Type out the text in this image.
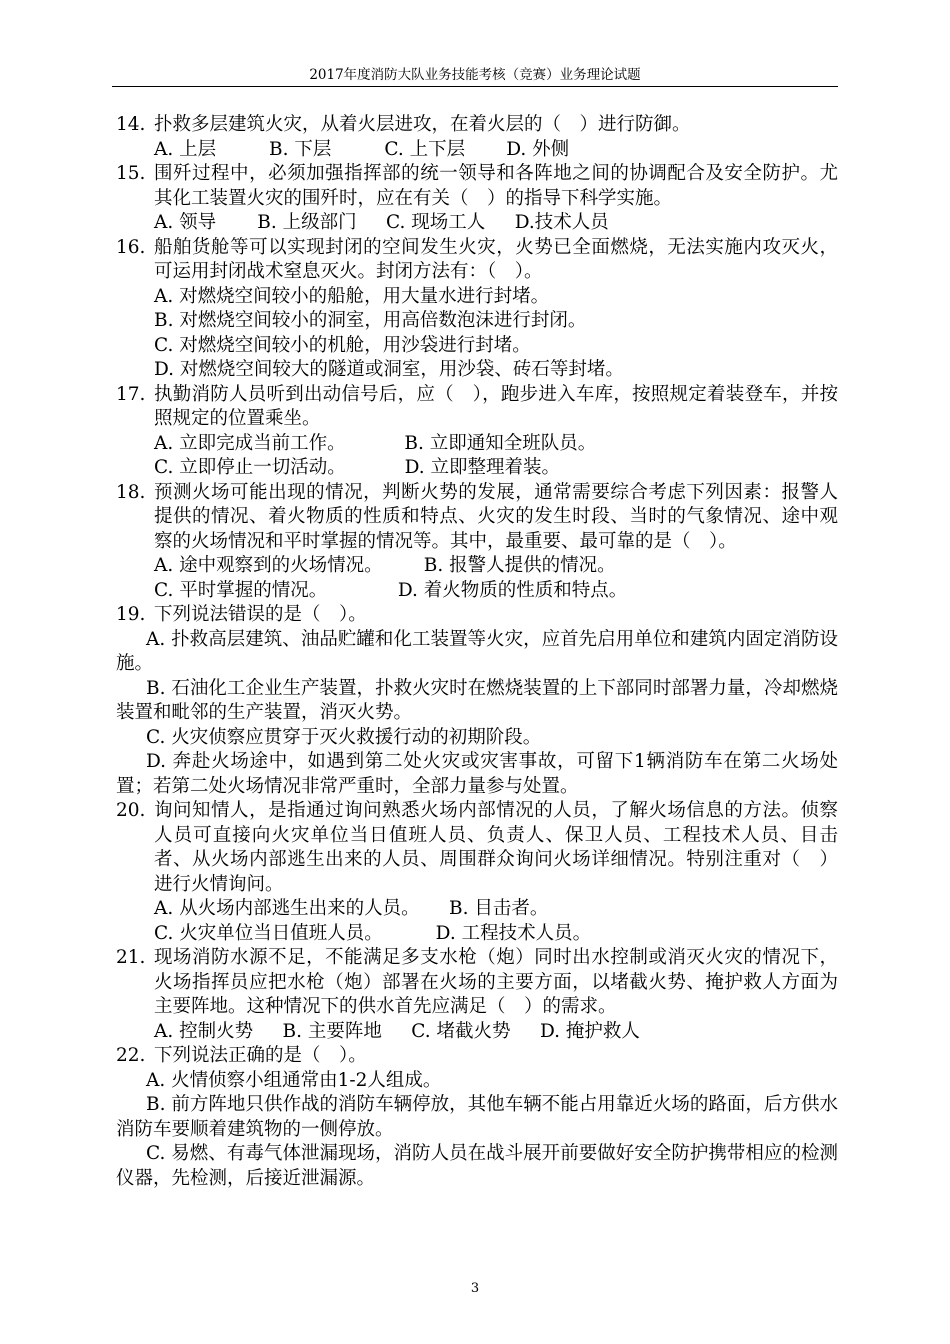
2017年度消防大队业务技能考核（竞赛）业务理论试题
14. 扑救多层建筑火灾，从着火层进攻，在着火层的（　）进行防御。
A. 上层         B. 下层         C. 上下层       D. 外侧
15. 围歼过程中，必须加强指挥部的统一领导和各阵地之间的协调配合及安全防护。尤其化工装置火灾的围歼时，应在有关（　）的指导下科学实施。
A. 领导       B. 上级部门     C. 现场工人     D.技术人员
16. 船舶货舱等可以实现封闭的空间发生火灾，火势已全面燃烧，无法实施内攻灭火，可运用封闭战术窒息灭火。封闭方法有：（　）。
A. 对燃烧空间较小的船舱，用大量水进行封堵。
B. 对燃烧空间较小的洞室，用高倍数泡沫进行封闭。
C. 对燃烧空间较小的机舱，用沙袋进行封堵。
D. 对燃烧空间较大的隧道或洞室，用沙袋、砖石等封堵。
17. 执勤消防人员听到出动信号后，应（　），跑步进入车库，按照规定着装登车，并按照规定的位置乘坐。
A. 立即完成当前工作。          B. 立即通知全班队员。
C. 立即停止一切活动。          D. 立即整理着装。
18. 预测火场可能出现的情况，判断火势的发展，通常需要综合考虑下列因素：报警人提供的情况、着火物质的性质和特点、火灾的发生时段、当时的气象情况、途中观察的火场情况和平时掌握的情况等。其中，最重要、最可靠的是（　）。
A. 途中观察到的火场情况。       B. 报警人提供的情况。
C. 平时掌握的情况。            D. 着火物质的性质和特点。
19. 下列说法错误的是（　）。
A. 扑救高层建筑、油品贮罐和化工装置等火灾，应首先启用单位和建筑内固定消防设施。
B. 石油化工企业生产装置，扑救火灾时在燃烧装置的上下部同时部署力量，冷却燃烧装置和毗邻的生产装置，消灭火势。
C. 火灾侦察应贯穿于灭火救援行动的初期阶段。
D. 奔赴火场途中，如遇到第二处火灾或灾害事故，可留下1辆消防车在第二火场处置；若第二处火场情况非常严重时，全部力量参与处置。
20. 询问知情人，是指通过询问熟悉火场内部情况的人员，了解火场信息的方法。侦察人员可直接向火灾单位当日值班人员、负责人、保卫人员、工程技术人员、目击者、从火场内部逃生出来的人员、周围群众询问火场详细情况。特别注重对（　）进行火情询问。
A. 从火场内部逃生出来的人员。     B. 目击者。
C. 火灾单位当日值班人员。         D. 工程技术人员。
21. 现场消防水源不足，不能满足多支水枪（炮）同时出水控制或消灭火灾的情况下，火场指挥员应把水枪（炮）部署在火场的主要方面，以堵截火势、掩护救人方面为主要阵地。这种情况下的供水首先应满足（　）的需求。
A. 控制火势     B. 主要阵地     C. 堵截火势     D. 掩护救人
22. 下列说法正确的是（　）。
A. 火情侦察小组通常由1-2人组成。
B. 前方阵地只供作战的消防车辆停放，其他车辆不能占用靠近火场的路面，后方供水消防车要顺着建筑物的一侧停放。
C. 易燃、有毒气体泄漏现场，消防人员在战斗展开前要做好安全防护携带相应的检测仪器，先检测，后接近泄漏源。
3
